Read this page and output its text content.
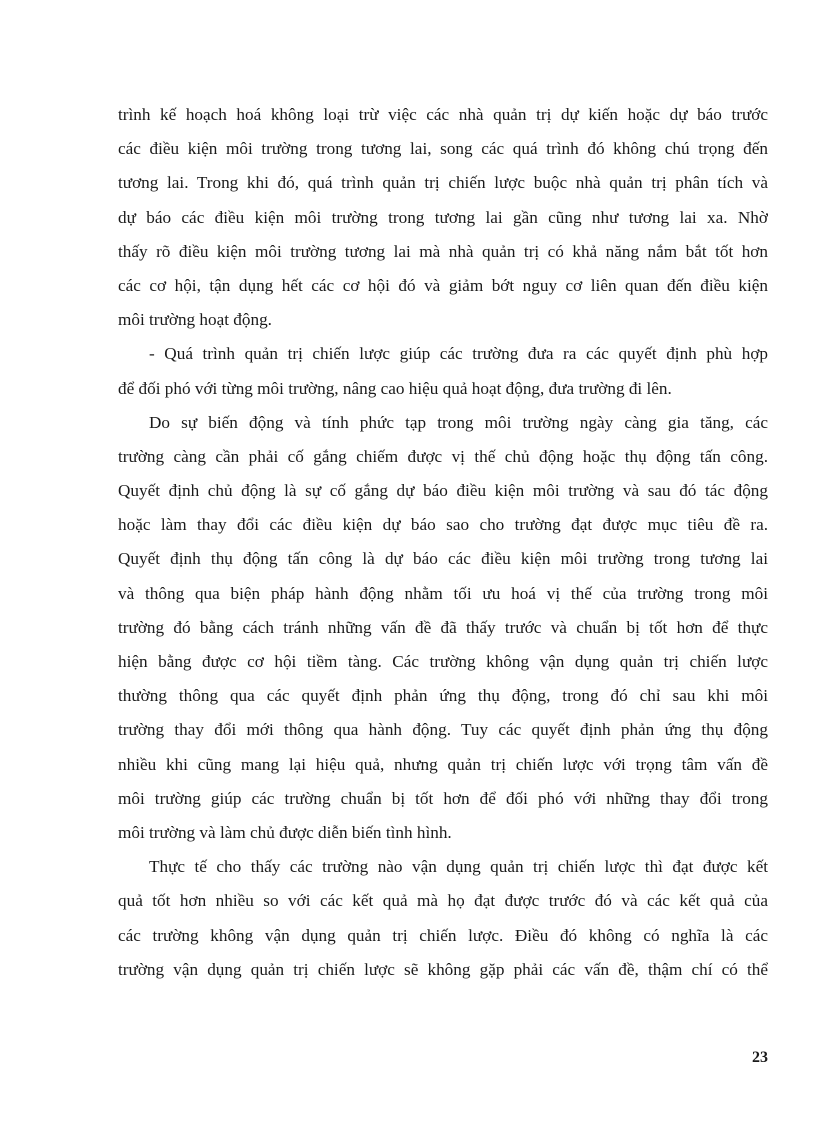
trình kế hoạch hoá không loại trừ việc các nhà quản trị dự kiến hoặc dự báo trước
các điều kiện môi trường trong tương lai, song các quá trình đó không chú trọng đến
tương lai. Trong khi đó, quá trình quản trị chiến lược buộc nhà quản trị phân tích và
dự báo các điều kiện môi trường trong tương lai gần cũng như tương lai xa. Nhờ
thấy rõ điều kiện môi trường tương lai mà nhà quản trị có khả năng nắm bắt tốt hơn
các cơ hội, tận dụng hết các cơ hội đó và giảm bớt nguy cơ liên quan đến điều kiện
môi trường hoạt động.
- Quá trình quản trị chiến lược giúp các trường đưa ra các quyết định phù hợp
để đối phó với từng môi trường, nâng cao hiệu quả hoạt động, đưa trường đi lên.
Do sự biến động và tính phức tạp trong môi trường ngày càng gia tăng, các
trường càng cần phải cố gắng chiếm được vị thế chủ động hoặc thụ động tấn công.
Quyết định chủ động là sự cố gắng dự báo điều kiện môi trường và sau đó tác động
hoặc làm thay đổi các điều kiện dự báo sao cho trường đạt được mục tiêu đề ra.
Quyết định thụ động tấn công là dự báo các điều kiện môi trường trong tương lai
và thông qua biện pháp hành động nhằm tối ưu hoá vị thế của trường trong môi
trường đó bằng cách tránh những vấn đề đã thấy trước và chuẩn bị tốt hơn để thực
hiện bằng được cơ hội tiềm tàng. Các trường không vận dụng quản trị chiến lược
thường thông qua các quyết định phản ứng thụ động, trong đó chỉ sau khi môi
trường thay đổi mới thông qua hành động. Tuy các quyết định phản ứng thụ động
nhiều khi cũng mang lại hiệu quả, nhưng quản trị chiến lược với trọng tâm vấn đề
môi trường giúp các trường chuẩn bị tốt hơn để đối phó với những thay đổi trong
môi trường và làm chủ được diễn biến tình hình.
Thực tế cho thấy các trường nào vận dụng quản trị chiến lược thì đạt được kết
quả tốt hơn nhiều so với các kết quả mà họ đạt được trước đó và các kết quả của
các trường không vận dụng quản trị chiến lược. Điều đó không có nghĩa là các
trường vận dụng quản trị chiến lược sẽ không gặp phải các vấn đề, thậm chí có thể
23
